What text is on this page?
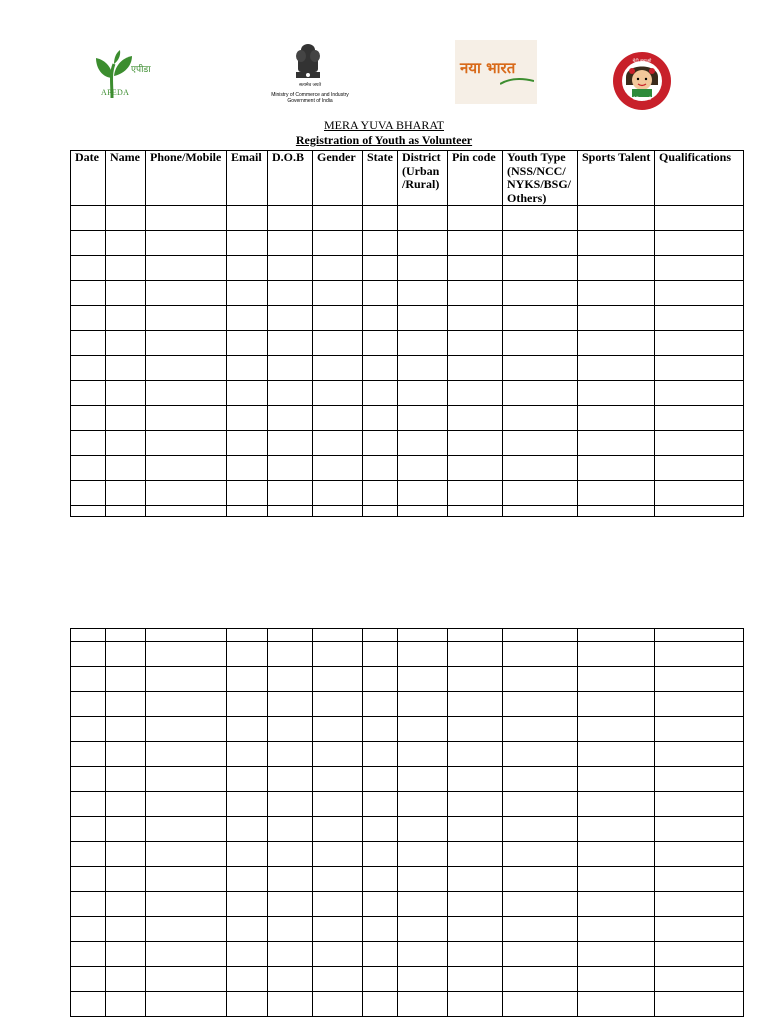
एपीडा
APEDA
सत्यमेव जयते
Ministry of Commerce and Industry
Government of India
नया भारत	बेटी बचाओ
बेटी पढ़ाओ
MERA YUVA BHARAT
Registration of Youth as Volunteer
Date	Name	Phone/Mobile	Email	D.O.B	Gender	State	District (Urban /Rural)	Pin code	Youth Type (NSS/NCC/ NYKS/BSG/ Others)	Sports Talent	Qualifications
